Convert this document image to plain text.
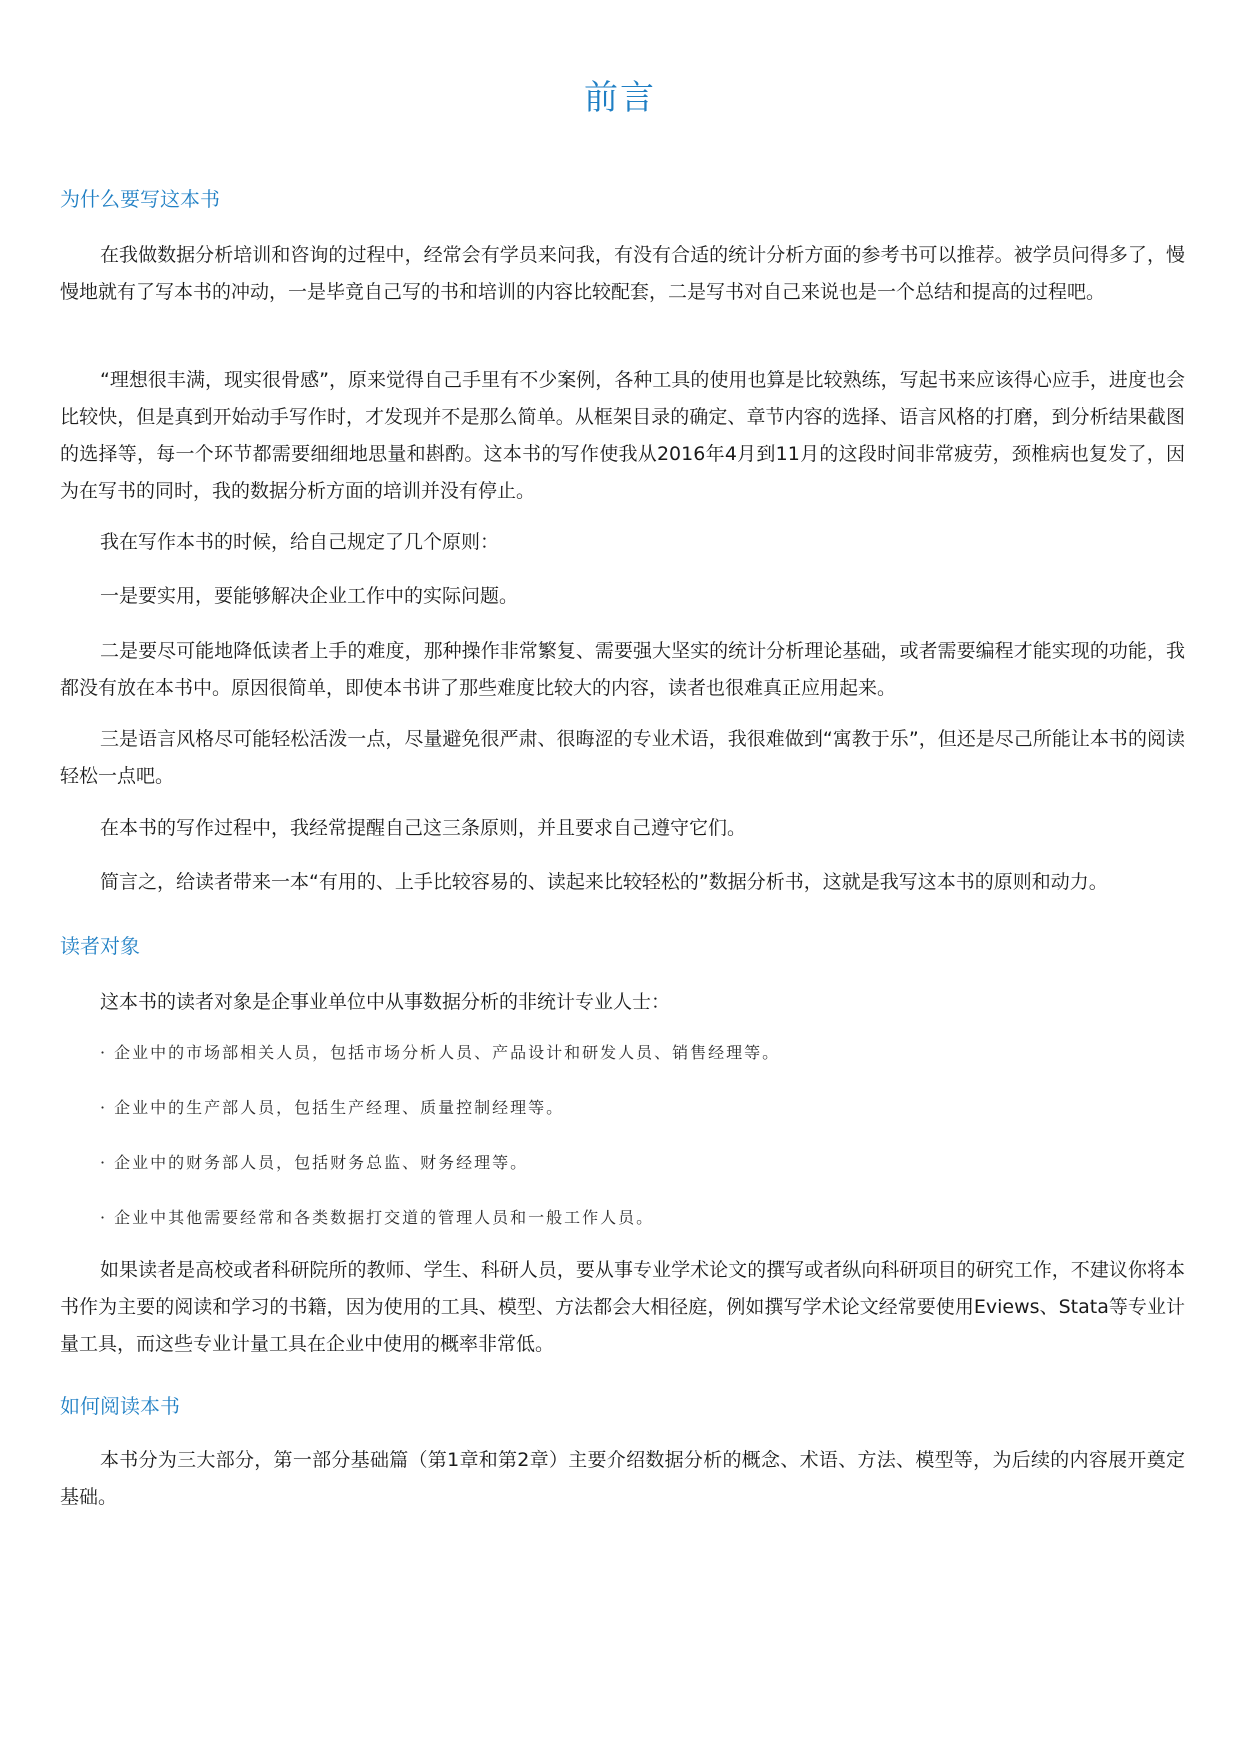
前言
为什么要写这本书

在我做数据分析培训和咨询的过程中，经常会有学员来问我，有没有合适的统计分析方面的参考书可以推荐。被学员问得多了，慢慢地就有了写本书的冲动，一是毕竟自己写的书和培训的内容比较配套，二是写书对自己来说也是一个总结和提高的过程吧。

“理想很丰满，现实很骨感”，原来觉得自己手里有不少案例，各种工具的使用也算是比较熟练，写起书来应该得心应手，进度也会比较快，但是真到开始动手写作时，才发现并不是那么简单。从框架目录的确定、章节内容的选择、语言风格的打磨，到分析结果截图的选择等，每一个环节都需要细细地思量和斟酌。这本书的写作使我从2016年4月到11月的这段时间非常疲劳，颈椎病也复发了，因为在写书的同时，我的数据分析方面的培训并没有停止。

我在写作本书的时候，给自己规定了几个原则：

一是要实用，要能够解决企业工作中的实际问题。

二是要尽可能地降低读者上手的难度，那种操作非常繁复、需要强大坚实的统计分析理论基础，或者需要编程才能实现的功能，我都没有放在本书中。原因很简单，即使本书讲了那些难度比较大的内容，读者也很难真正应用起来。

三是语言风格尽可能轻松活泼一点，尽量避免很严肃、很晦涩的专业术语，我很难做到“寓教于乐”，但还是尽己所能让本书的阅读轻松一点吧。

在本书的写作过程中，我经常提醒自己这三条原则，并且要求自己遵守它们。

简言之，给读者带来一本“有用的、上手比较容易的、读起来比较轻松的”数据分析书，这就是我写这本书的原则和动力。

读者对象

这本书的读者对象是企事业单位中从事数据分析的非统计专业人士：

· 企业中的市场部相关人员，包括市场分析人员、产品设计和研发人员、销售经理等。
· 企业中的生产部人员，包括生产经理、质量控制经理等。
· 企业中的财务部人员，包括财务总监、财务经理等。
· 企业中其他需要经常和各类数据打交道的管理人员和一般工作人员。

如果读者是高校或者科研院所的教师、学生、科研人员，要从事专业学术论文的撰写或者纵向科研项目的研究工作，不建议你将本书作为主要的阅读和学习的书籍，因为使用的工具、模型、方法都会大相径庭，例如撰写学术论文经常要使用Eviews、Stata等专业计量工具，而这些专业计量工具在企业中使用的概率非常低。

如何阅读本书

本书分为三大部分，第一部分基础篇（第1章和第2章）主要介绍数据分析的概念、术语、方法、模型等，为后续的内容展开奠定基础。
